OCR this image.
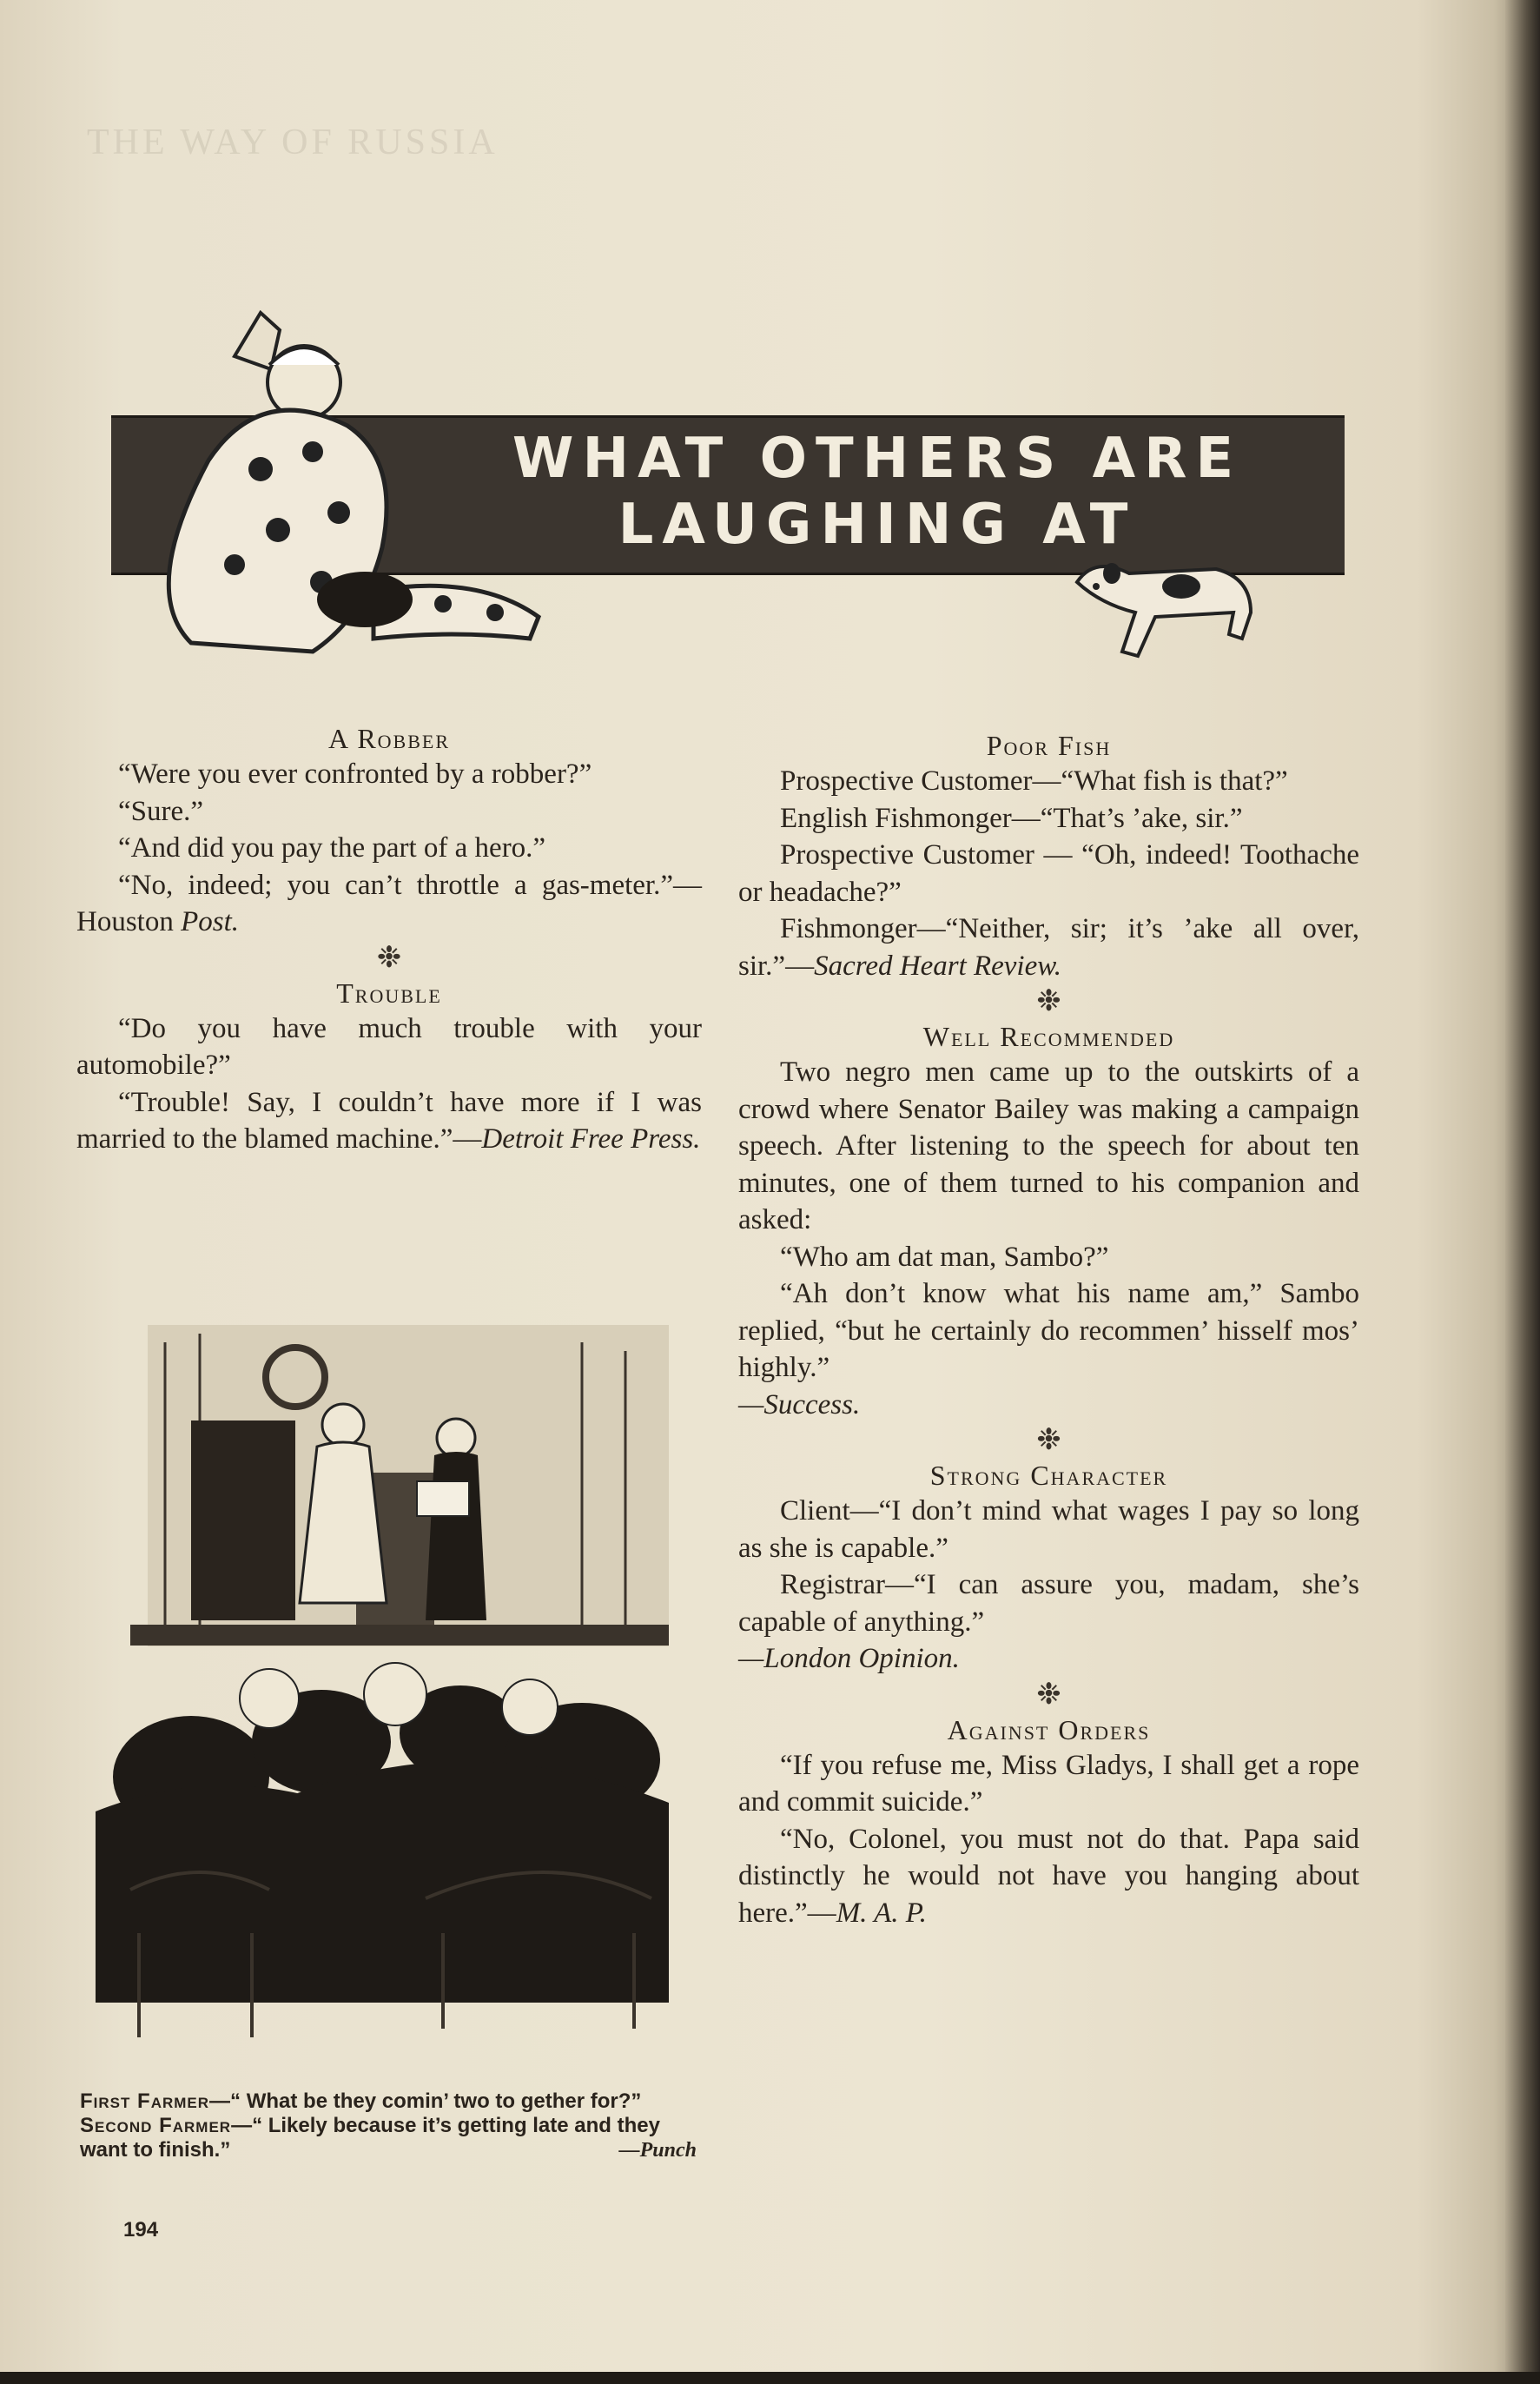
THE WAY OF RUSSIA
WHAT OTHERS ARE
LAUGHING AT
A Robber

“Were you ever confronted by a robber?”

“Sure.”

“And did you pay the part of a hero.”

“No, indeed; you can’t throttle a gas-meter.”—Houston Post.

❉
Trouble

“Do you have much trouble with your automobile?”

“Trouble! Say, I couldn’t have more if I was married to the blamed machine.”—Detroit Free Press.

First Farmer—“ What be they comin’ two to gether for?”
Second Farmer—“ Likely because it’s getting late and they want to finish.”	—Punch
194
Poor Fish

Prospective Customer—“What fish is that?”

English Fishmonger—“That’s ’ake, sir.”

Prospective Customer — “Oh, indeed! Toothache or headache?”

Fishmonger—“Neither, sir; it’s ’ake all over, sir.”—Sacred Heart Review.

❉
Well Recommended

Two negro men came up to the outskirts of a crowd where Senator Bailey was making a campaign speech. After listening to the speech for about ten minutes, one of them turned to his companion and asked:

“Who am dat man, Sambo?”

“Ah don’t know what his name am,” Sambo replied, “but he certainly do recommen’ hisself mos’ highly.”

—Success.

❉
Strong Character

Client—“I don’t mind what wages I pay so long as she is capable.”

Registrar—“I can assure you, madam, she’s capable of anything.”

—London Opinion.

❉
Against Orders

“If you refuse me, Miss Gladys, I shall get a rope and commit suicide.”

“No, Colonel, you must not do that. Papa said distinctly he would not have you hanging about here.”—M. A. P.
